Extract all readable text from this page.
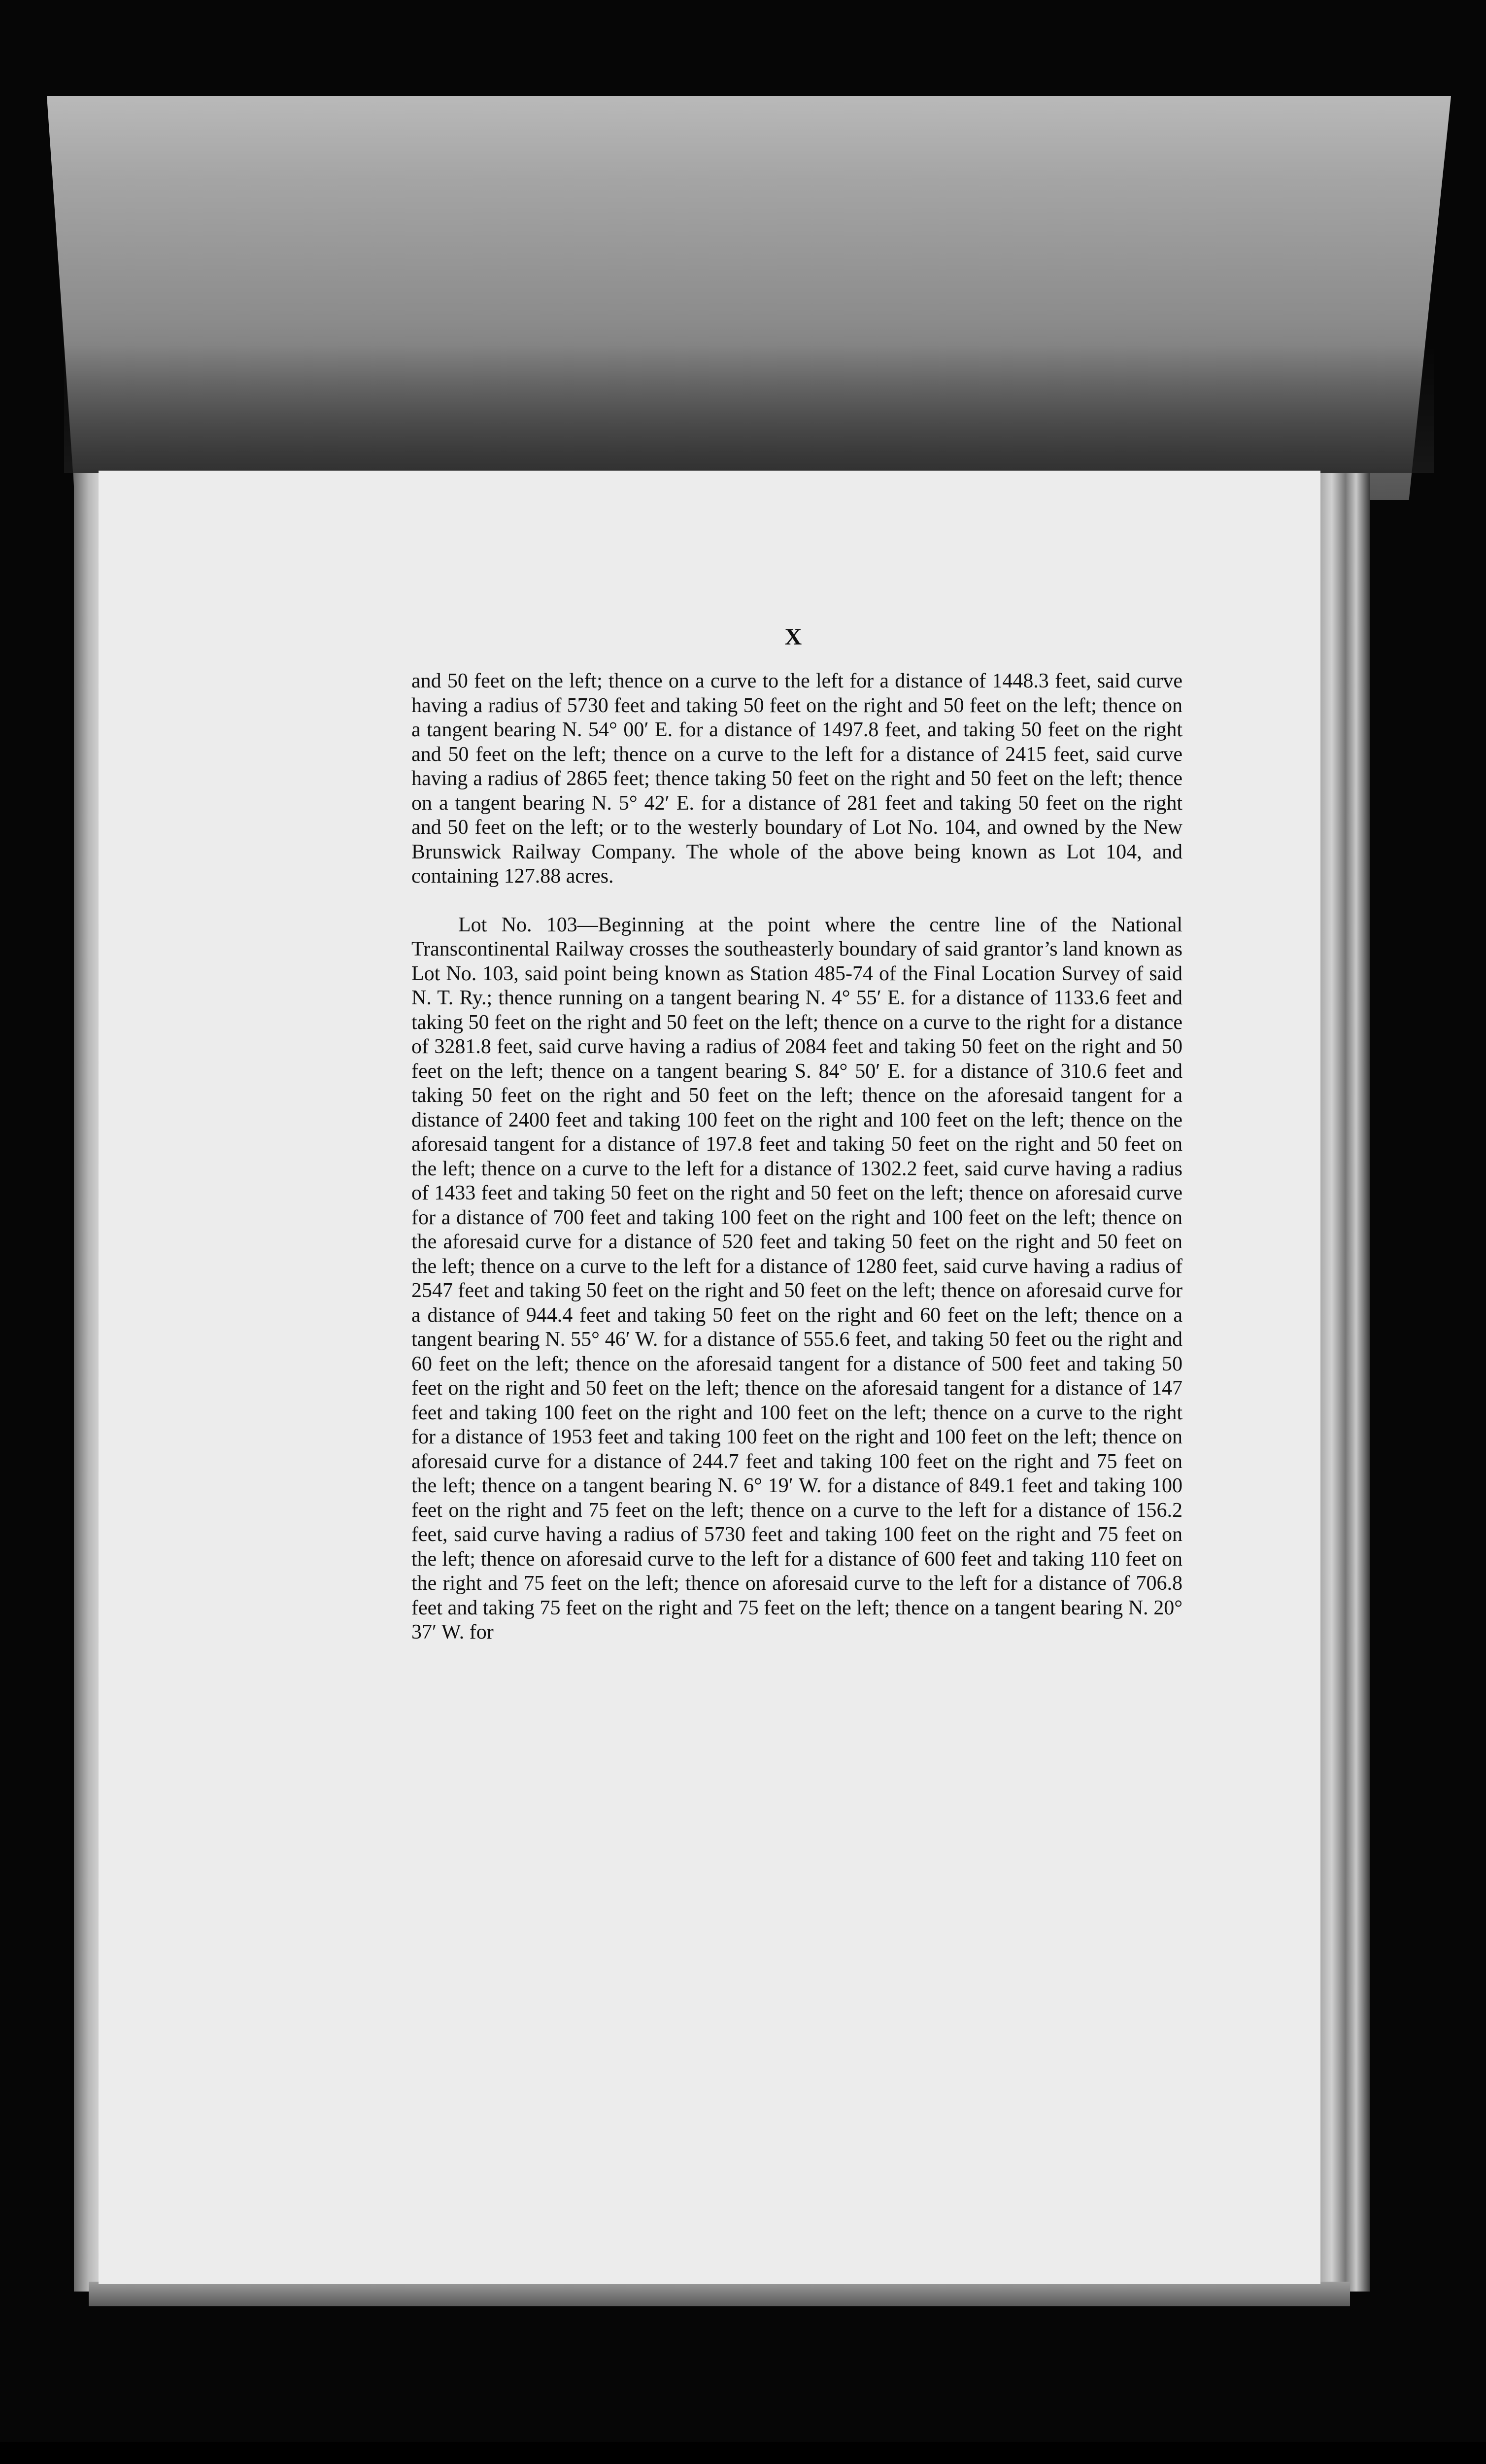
X

and 50 feet on the left; thence on a curve to the left for a distance of 1448.3 feet, said curve having a radius of 5730 feet and taking 50 feet on the right and 50 feet on the left; thence on a tangent bearing N. 54° 00′ E. for a distance of 1497.8 feet, and taking 50 feet on the right and 50 feet on the left; thence on a curve to the left for a distance of 2415 feet, said curve having a radius of 2865 feet; thence taking 50 feet on the right and 50 feet on the left; thence on a tangent bearing N. 5° 42′ E. for a distance of 281 feet and taking 50 feet on the right and 50 feet on the left; or to the westerly boundary of Lot No. 104, and owned by the New Brunswick Railway Company. The whole of the above being known as Lot 104, and containing 127.88 acres.

Lot No. 103—Beginning at the point where the centre line of the National Transcontinental Railway crosses the southeasterly boundary of said grantor’s land known as Lot No. 103, said point being known as Station 485-74 of the Final Location Survey of said N. T. Ry.; thence running on a tangent bearing N. 4° 55′ E. for a distance of 1133.6 feet and taking 50 feet on the right and 50 feet on the left; thence on a curve to the right for a distance of 3281.8 feet, said curve having a radius of 2084 feet and taking 50 feet on the right and 50 feet on the left; thence on a tangent bearing S. 84° 50′ E. for a distance of 310.6 feet and taking 50 feet on the right and 50 feet on the left; thence on the aforesaid tangent for a distance of 2400 feet and taking 100 feet on the right and 100 feet on the left; thence on the aforesaid tangent for a distance of 197.8 feet and taking 50 feet on the right and 50 feet on the left; thence on a curve to the left for a distance of 1302.2 feet, said curve having a radius of 1433 feet and taking 50 feet on the right and 50 feet on the left; thence on aforesaid curve for a distance of 700 feet and taking 100 feet on the right and 100 feet on the left; thence on the aforesaid curve for a distance of 520 feet and taking 50 feet on the right and 50 feet on the left; thence on a curve to the left for a distance of 1280 feet, said curve having a radius of 2547 feet and taking 50 feet on the right and 50 feet on the left; thence on aforesaid curve for a distance of 944.4 feet and taking 50 feet on the right and 60 feet on the left; thence on a tangent bearing N. 55° 46′ W. for a distance of 555.6 feet, and taking 50 feet ou the right and 60 feet on the left; thence on the aforesaid tangent for a distance of 500 feet and taking 50 feet on the right and 50 feet on the left; thence on the aforesaid tangent for a distance of 147 feet and taking 100 feet on the right and 100 feet on the left; thence on a curve to the right for a distance of 1953 feet and taking 100 feet on the right and 100 feet on the left; thence on aforesaid curve for a distance of 244.7 feet and taking 100 feet on the right and 75 feet on the left; thence on a tangent bearing N. 6° 19′ W. for a distance of 849.1 feet and taking 100 feet on the right and 75 feet on the left; thence on a curve to the left for a distance of 156.2 feet, said curve having a radius of 5730 feet and taking 100 feet on the right and 75 feet on the left; thence on aforesaid curve to the left for a distance of 600 feet and taking 110 feet on the right and 75 feet on the left; thence on aforesaid curve to the left for a distance of 706.8 feet and taking 75 feet on the right and 75 feet on the left; thence on a tangent bearing N. 20° 37′ W. for
